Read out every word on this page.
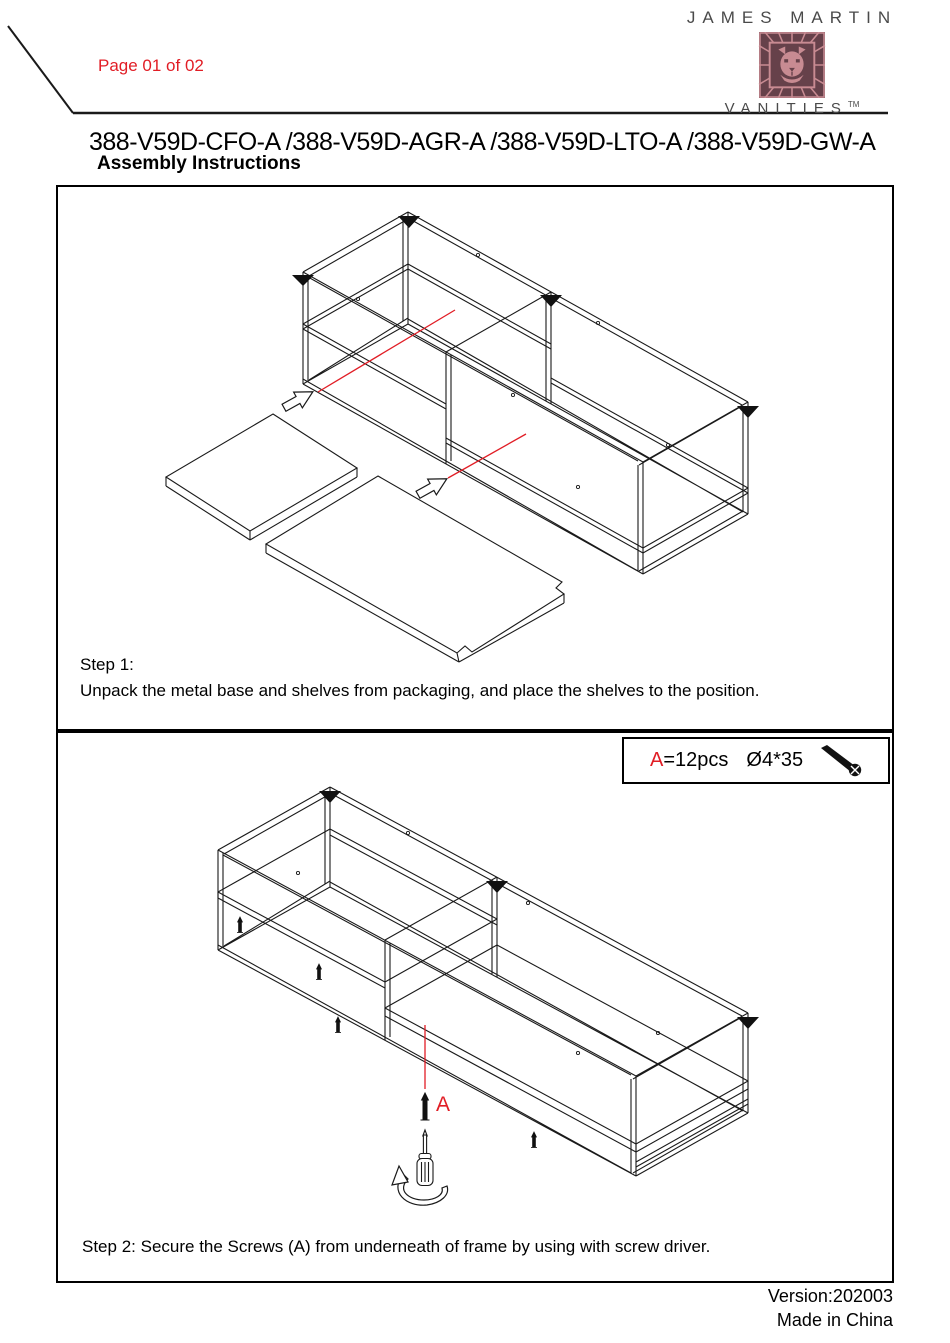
Page 01 of 02
JAMES MARTIN
VANITIES™
388-V59D-CFO-A /388-V59D-AGR-A /388-V59D-LTO-A /388-V59D-GW-A
Assembly Instructions
Step 1:
Unpack the metal base and shelves from packaging, and place the shelves to the position.
A=12pcs Ø4*35
A
Step 2: Secure the Screws (A) from underneath of frame by using with screw driver.
Version:202003
Made in China
